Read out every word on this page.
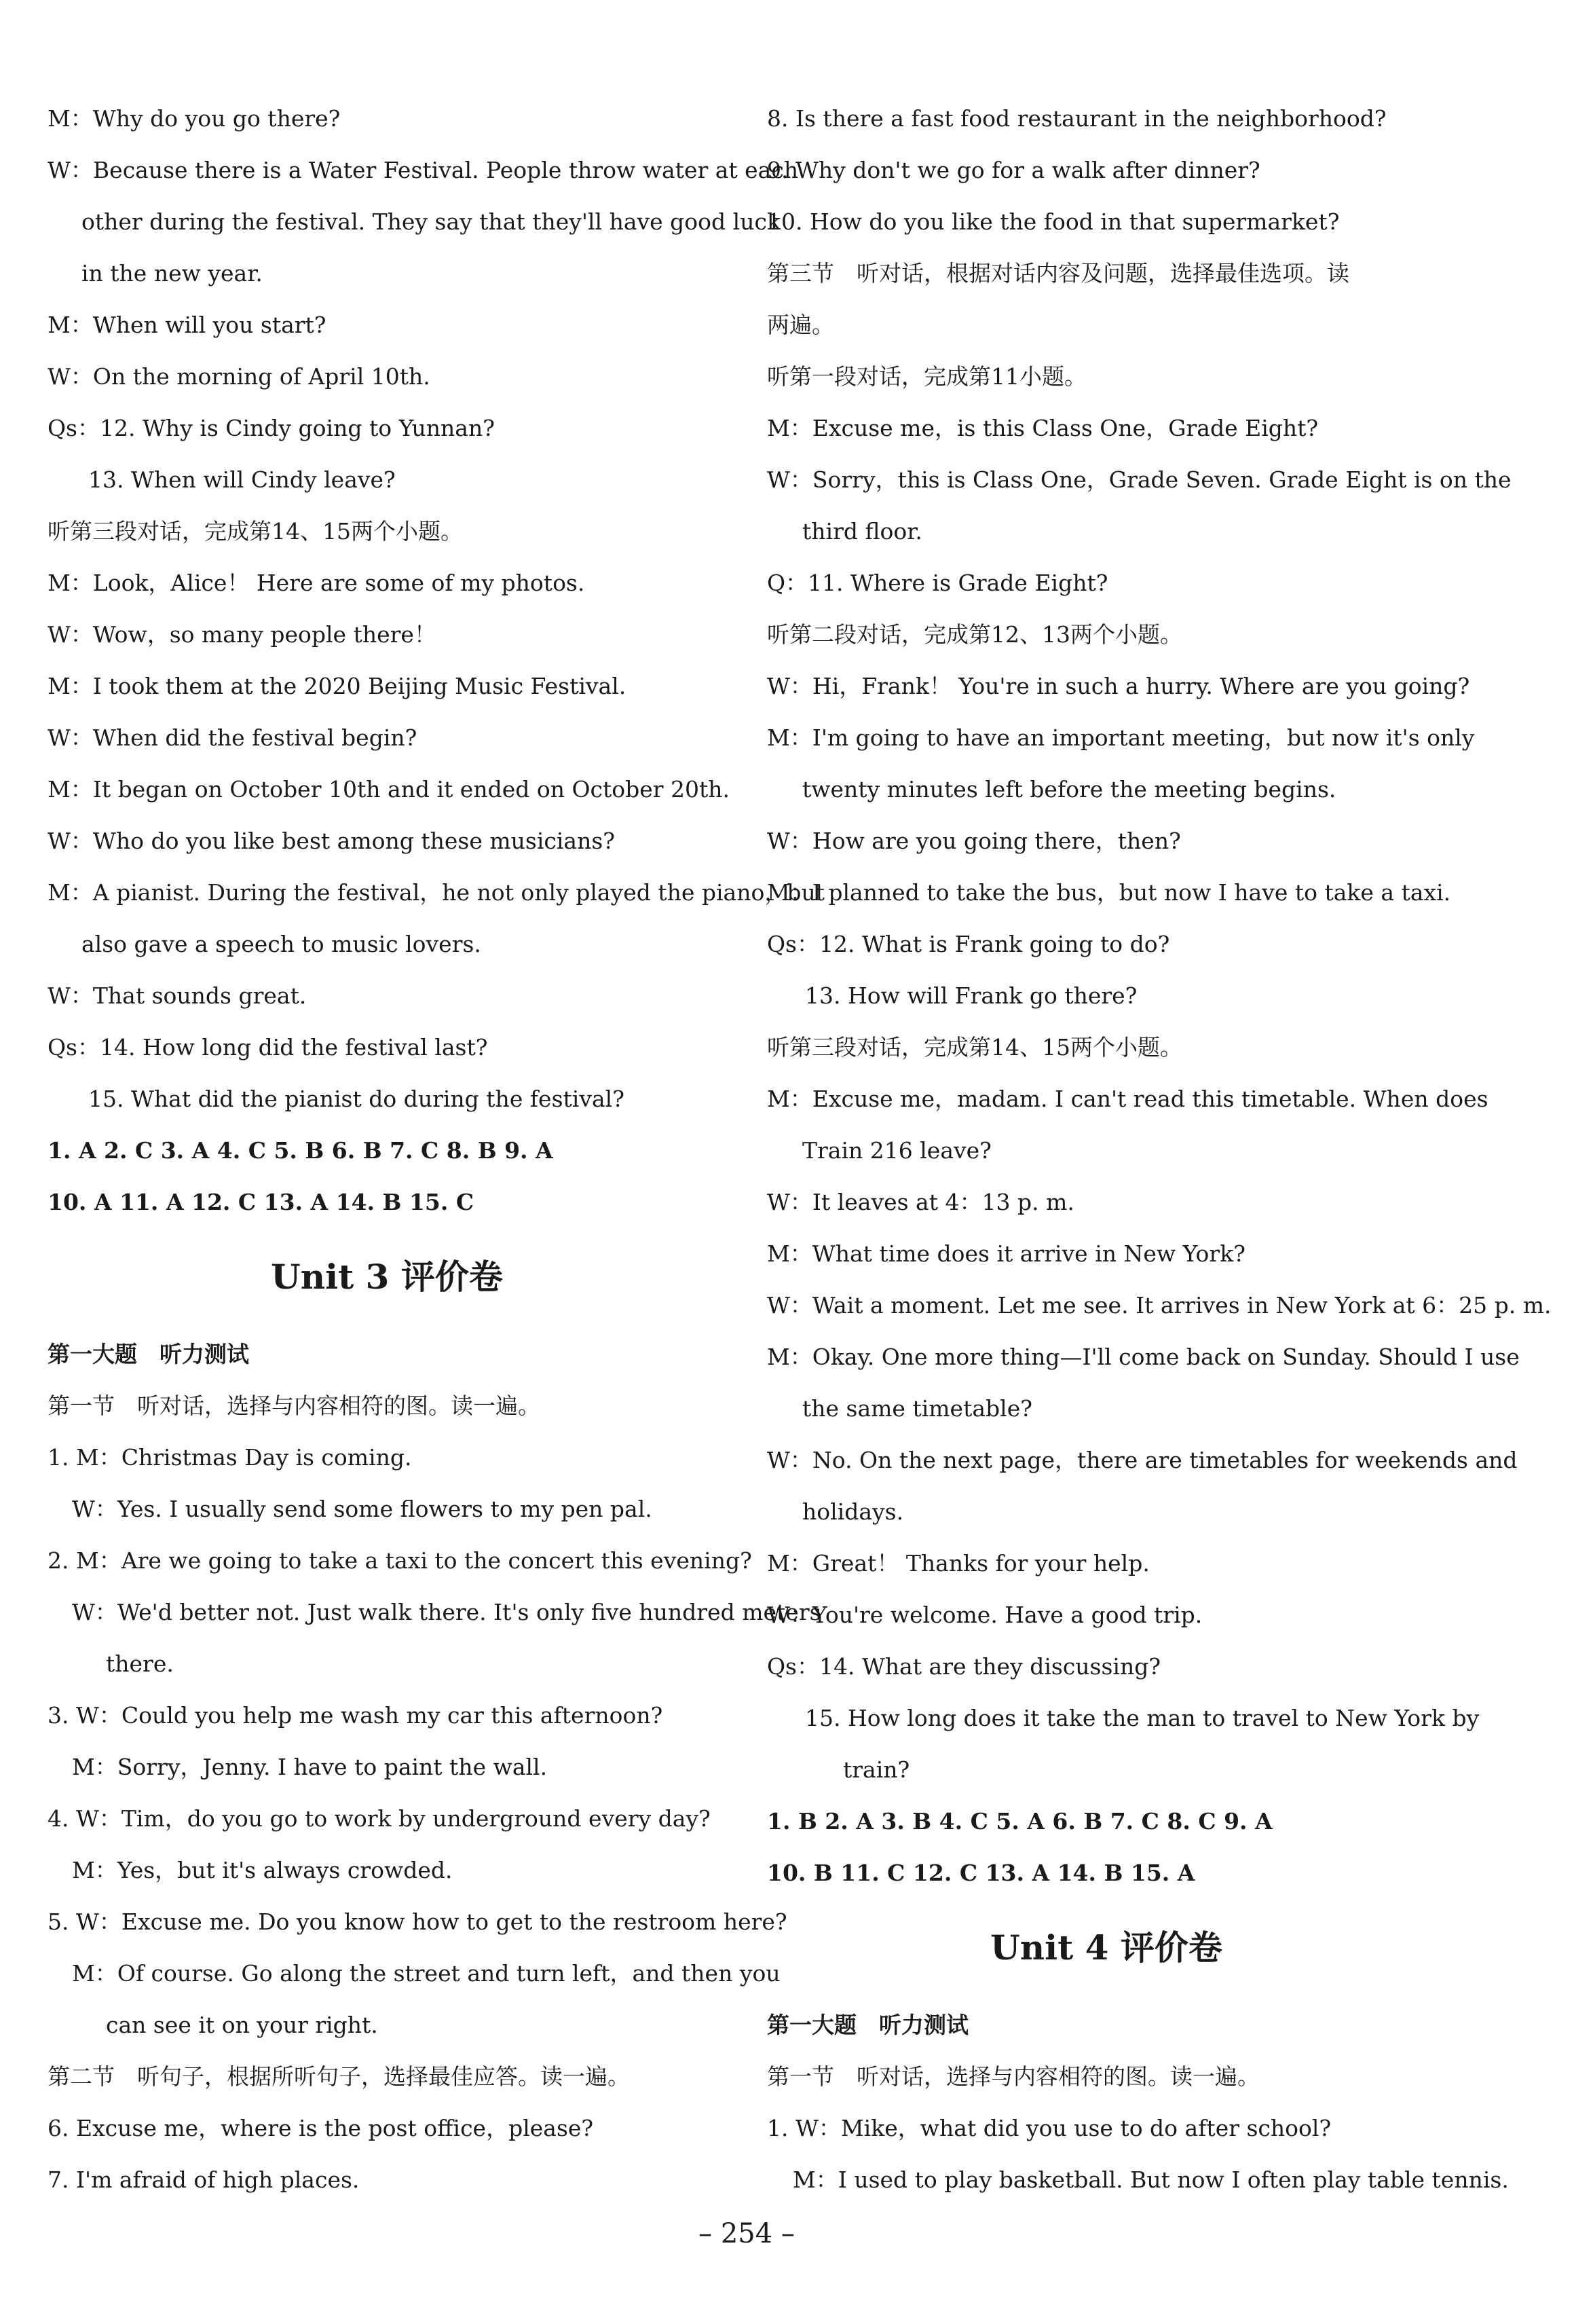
M：Why do you go there?
W：Because there is a Water Festival. People throw water at each
other during the festival. They say that they'll have good luck
in the new year.
M：When will you start?
W：On the morning of April 10th.
Qs：12. Why is Cindy going to Yunnan?
13. When will Cindy leave?
听第三段对话，完成第14、15两个小题。
M：Look，Alice！ Here are some of my photos.
W：Wow，so many people there！
M：I took them at the 2020 Beijing Music Festival.
W：When did the festival begin?
M：It began on October 10th and it ended on October 20th.
W：Who do you like best among these musicians?
M：A pianist. During the festival，he not only played the piano，but
also gave a speech to music lovers.
W：That sounds great.
Qs：14. How long did the festival last?
15. What did the pianist do during the festival?
1. A 2. C 3. A 4. C 5. B 6. B 7. C 8. B 9. A
10. A 11. A 12. C 13. A 14. B 15. C
Unit 3 评价卷
第一大题　听力测试
第一节　听对话，选择与内容相符的图。读一遍。
1. M：Christmas Day is coming.
W：Yes. I usually send some flowers to my pen pal.
2. M：Are we going to take a taxi to the concert this evening?
W：We'd better not. Just walk there. It's only five hundred meters
there.
3. W：Could you help me wash my car this afternoon?
M：Sorry，Jenny. I have to paint the wall.
4. W：Tim，do you go to work by underground every day?
M：Yes，but it's always crowded.
5. W：Excuse me. Do you know how to get to the restroom here?
M：Of course. Go along the street and turn left，and then you
can see it on your right.
第二节　听句子，根据所听句子，选择最佳应答。读一遍。
6. Excuse me，where is the post office，please?
7. I'm afraid of high places.
8. Is there a fast food restaurant in the neighborhood?
9. Why don't we go for a walk after dinner?
10. How do you like the food in that supermarket?
第三节　听对话，根据对话内容及问题，选择最佳选项。读
两遍。
听第一段对话，完成第11小题。
M：Excuse me，is this Class One，Grade Eight?
W：Sorry，this is Class One，Grade Seven. Grade Eight is on the
third floor.
Q：11. Where is Grade Eight?
听第二段对话，完成第12、13两个小题。
W：Hi，Frank！ You're in such a hurry. Where are you going?
M：I'm going to have an important meeting，but now it's only
twenty minutes left before the meeting begins.
W：How are you going there，then?
M：I planned to take the bus，but now I have to take a taxi.
Qs：12. What is Frank going to do?
13. How will Frank go there?
听第三段对话，完成第14、15两个小题。
M：Excuse me，madam. I can't read this timetable. When does
Train 216 leave?
W：It leaves at 4：13 p. m.
M：What time does it arrive in New York?
W：Wait a moment. Let me see. It arrives in New York at 6：25 p. m.
M：Okay. One more thing—I'll come back on Sunday. Should I use
the same timetable?
W：No. On the next page，there are timetables for weekends and
holidays.
M：Great！ Thanks for your help.
W：You're welcome. Have a good trip.
Qs：14. What are they discussing?
15. How long does it take the man to travel to New York by
train?
1. B 2. A 3. B 4. C 5. A 6. B 7. C 8. C 9. A
10. B 11. C 12. C 13. A 14. B 15. A
Unit 4 评价卷
第一大题　听力测试
第一节　听对话，选择与内容相符的图。读一遍。
1. W：Mike，what did you use to do after school?
M：I used to play basketball. But now I often play table tennis.
– 254 –
